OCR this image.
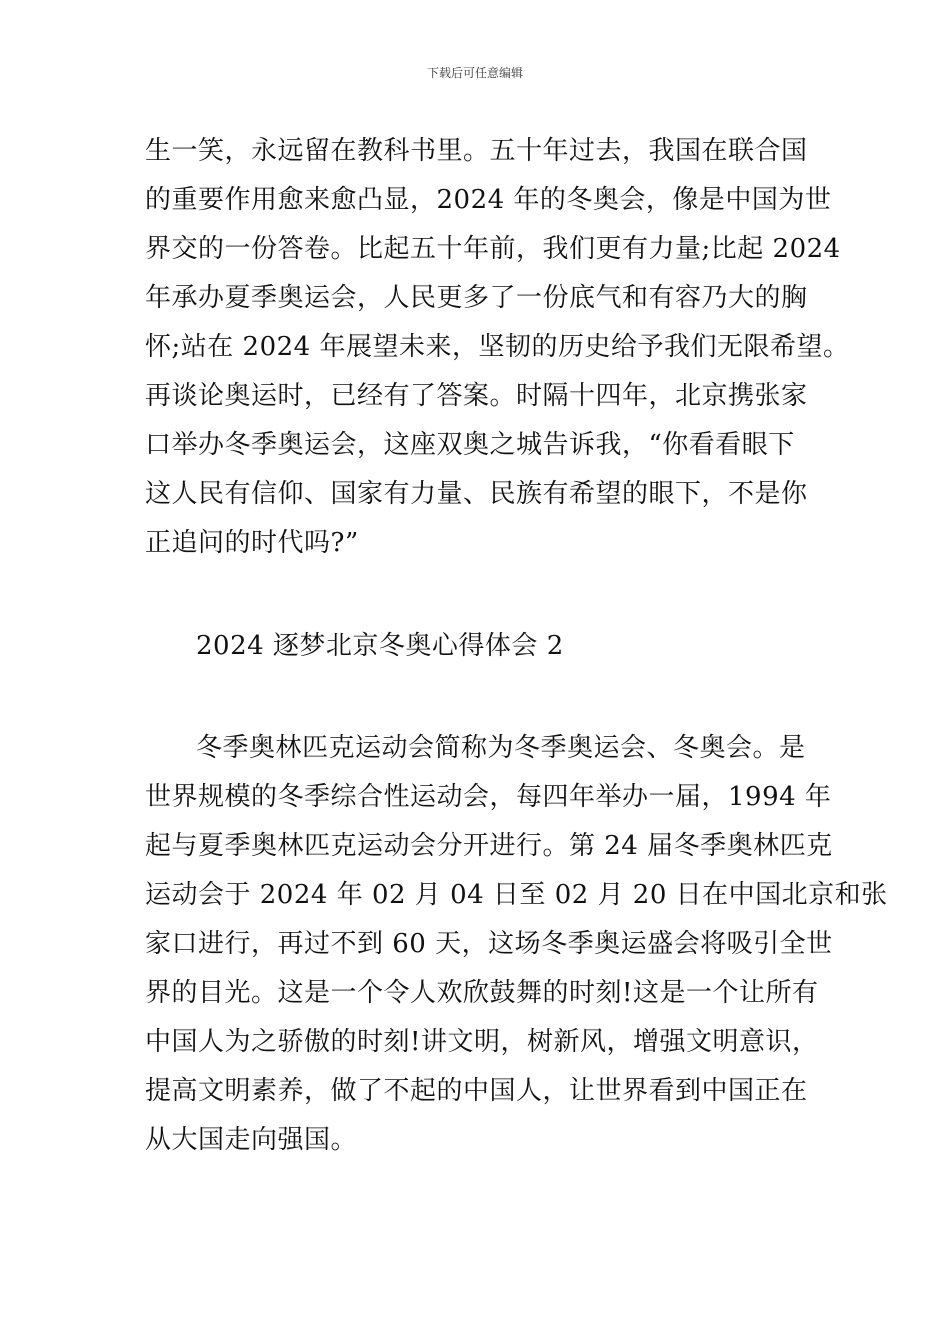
下载后可任意编辑
生一笑，永远留在教科书里。五十年过去，我国在联合国
的重要作用愈来愈凸显，2024 年的冬奥会，像是中国为世
界交的一份答卷。比起五十年前，我们更有力量;比起 2024
年承办夏季奥运会，人民更多了一份底气和有容乃大的胸
怀;站在 2024 年展望未来，坚韧的历史给予我们无限希望。
再谈论奥运时，已经有了答案。时隔十四年，北京携张家
口举办冬季奥运会，这座双奥之城告诉我，“你看看眼下
这人民有信仰、国家有力量、民族有希望的眼下，不是你
正追问的时代吗?”
2024 逐梦北京冬奥心得体会 2
冬季奥林匹克运动会简称为冬季奥运会、冬奥会。是
世界规模的冬季综合性运动会，每四年举办一届，1994 年
起与夏季奥林匹克运动会分开进行。第 24 届冬季奥林匹克
运动会于 2024 年 02 月 04 日至 02 月 20 日在中国北京和张
家口进行，再过不到 60 天，这场冬季奥运盛会将吸引全世
界的目光。这是一个令人欢欣鼓舞的时刻!这是一个让所有
中国人为之骄傲的时刻!讲文明，树新风，增强文明意识，
提高文明素养，做了不起的中国人，让世界看到中国正在
从大国走向强国。
